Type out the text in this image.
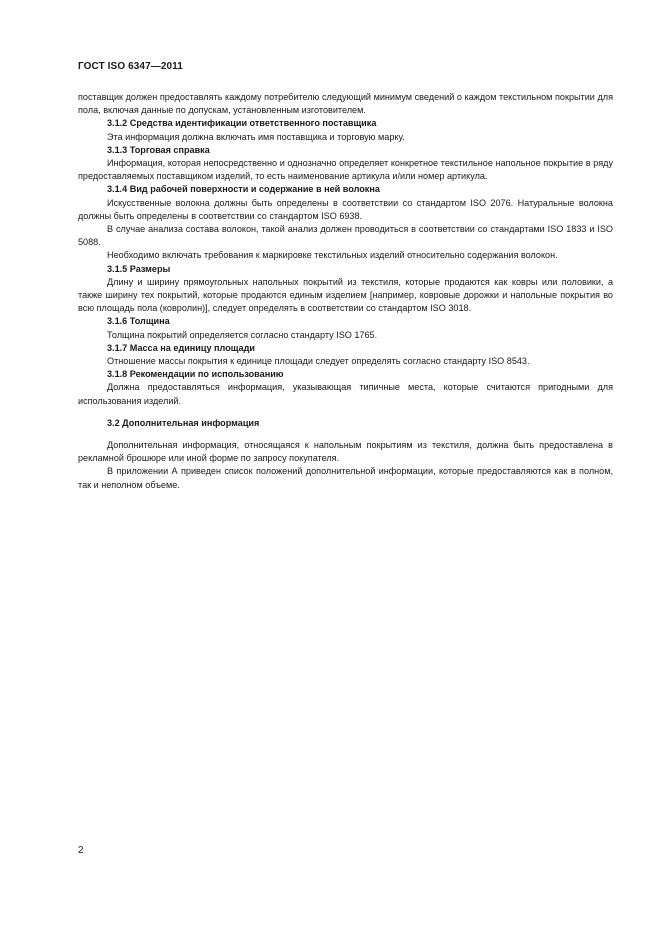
ГОСТ ISO 6347—2011

поставщик должен предоставлять каждому потребителю следующий минимум сведений о каждом текстильном покрытии для пола, включая данные по допускам, установленным изготовителем.

3.1.2 Средства идентификации ответственного поставщика

Эта информация должна включать имя поставщика и торговую марку.

3.1.3 Торговая справка

Информация, которая непосредственно и однозначно определяет конкретное текстильное напольное покрытие в ряду предоставляемых поставщиком изделий, то есть наименование артикула и/или номер артикула.

3.1.4 Вид рабочей поверхности и содержание в ней волокна

Искусственные волокна должны быть определены в соответствии со стандартом ISO 2076. Натуральные волокна должны быть определены в соответствии со стандартом ISO 6938.

В случае анализа состава волокон, такой анализ должен проводиться в соответствии со стандартами ISO 1833 и ISO 5088.

Необходимо включать требования к маркировке текстильных изделий относительно содержания волокон.

3.1.5 Размеры

Длину и ширину прямоугольных напольных покрытий из текстиля, которые продаются как ковры или половики, а также ширину тех покрытий, которые продаются единым изделием [например, ковровые дорожки и напольные покрытия во всю площадь пола (ковролин)], следует определять в соответствии со стандартом ISO 3018.

3.1.6 Толщина

Толщина покрытий определяется согласно стандарту ISO 1765.

3.1.7 Масса на единицу площади

Отношение массы покрытия к единице площади следует определять согласно стандарту ISO 8543.

3.1.8 Рекомендации по использованию

Должна предоставляться информация, указывающая типичные места, которые считаются пригодными для использования изделий.

3.2 Дополнительная информация

Дополнительная информация, относящаяся к напольным покрытиям из текстиля, должна быть предоставлена в рекламной брошюре или иной форме по запросу покупателя.

В приложении А приведен список положений дополнительной информации, которые предоставляются как в полном, так и неполном объеме.

2
